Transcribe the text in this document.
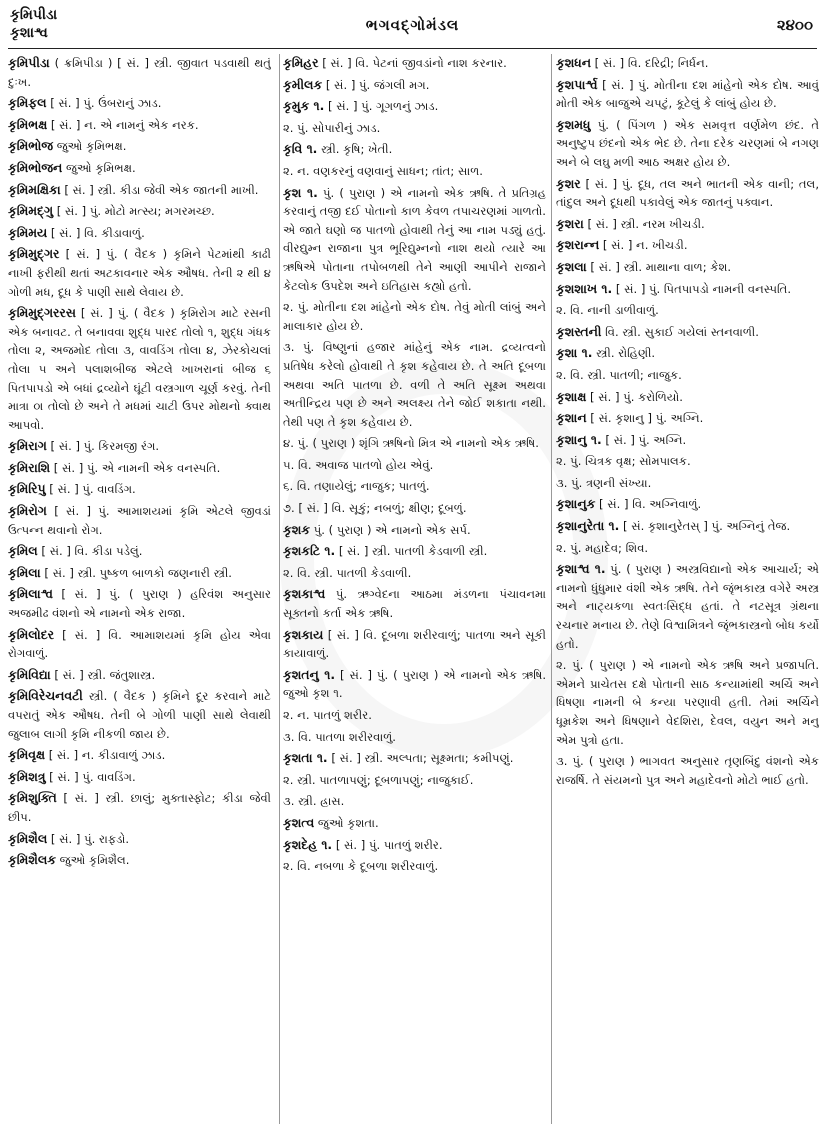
કૃમિપીડા
કૃશાશ્વ	ભગવદ્ગોમંડલ	૨૪૦૦
કૃમિપીડા ( ક્રમિપીડા ) [ સં. ] સ્ત્રી. જીવાત પડવાથી થતું દુઃખ.
કૃમિફલ [ સં. ] પું. ઉંબરાનું ઝાડ.
કૃમિભક્ષ [ સં. ] ન. એ નામનું એક નરક.
કૃમિભોજ જુઓ કૃમિભક્ષ.
કૃમિભોજન જુઓ કૃમિભક્ષ.
કૃમિમક્ષિકા [ સં. ] સ્ત્રી. કીડા જેવી એક જાતની માખી.
કૃમિમદ્ગુ [ સં. ] પું. મોટો મત્સ્ય; મગરમચ્છ.
કૃમિમય [ સં. ] વિ. કીડાવાળું.
કૃમિમુદ્ગર [ સં. ] પું. ( વૈદક ) કૃમિને પેટમાંથી કાઢી નાખી ફરીથી થતાં અટકાવનાર એક ઔષધ. તેની ૨ થી ૪ ગોળી મધ, દૂધ કે પાણી સાથે લેવાય છે.
કૃમિમુદ્ગરરસ [ સં. ] પું. ( વૈદક ) કૃમિરોગ માટે રસની એક બનાવટ. તે બનાવવા શુદ્ધ પારદ તોલો ૧, શુદ્ધ ગંધક તોલા ૨, અજમોદ તોલા ૩, વાવડિંગ તોલા ૪, ઝેરકોચલાં તોલા ૫ અને પલાશબીજ એટલે ખાખરાનાં બીજ ૬ પિતપાપડો એ બધાં દ્રવ્યોને ઘૂંટી વસ્ત્રગાળ ચૂર્ણ કરવું. તેની માત્રા ૦। તોલો છે અને તે મધમાં ચાટી ઉપર મોથનો ક્વાથ આપવો.
કૃમિરાગ [ સં. ] પું. કિરમજી રંગ.
કૃમિરાશિ [ સં. ] પું. એ નામની એક વનસ્પતિ.
કૃમિરિપુ [ સં. ] પું. વાવડિંગ.
કૃમિરોગ [ સં. ] પું. આમાશયમાં કૃમિ એટલે જીવડાં ઉત્પન્ન થવાનો રોગ.
કૃમિલ [ સં. ] વિ. કીડા પડેલું.
કૃમિલા [ સં. ] સ્ત્રી. પુષ્કળ બાળકો જણનારી સ્ત્રી.
કૃમિલાશ્વ [ સં. ] પું. ( પુરાણ ) હરિવંશ અનુસાર અજમીઢ વંશનો એ નામનો એક રાજા.
કૃમિલોદર [ સં. ] વિ. આમાશયમાં કૃમિ હોય એવા રોગવાળું.
કૃમિવિદ્યા [ સં. ] સ્ત્રી. જંતુશાસ્ત્ર.
કૃમિવિરેચનવટી સ્ત્રી. ( વૈદક ) કૃમિને દૂર કરવાને માટે વપરાતું એક ઔષધ. તેની બે ગોળી પાણી સાથે લેવાથી જુલાબ લાગી કૃમિ નીકળી જાય છે.
કૃમિવૃક્ષ [ સં. ] ન. કીડાવાળું ઝાડ.
કૃમિશત્રુ [ સં. ] પું. વાવડિંગ.
કૃમિશુક્તિ [ સં. ] સ્ત્રી. છાલું; મુક્તાસ્ફોટ; કીડા જેવી છીપ.
કૃમિશૈલ [ સં. ] પું. રાફડો.
કૃમિશૈલક જુઓ કૃમિશૈલ.
કૃમિહર [ સં. ] વિ. પેટનાં જીવડાંનો નાશ કરનાર.
કૃમીલક [ સં. ] પું. જંગલી મગ.
કૃમુક ૧. [ સં. ] પું. ગૂગળનું ઝાડ.
૨. પું. સોપારીનું ઝાડ.
કૃવિ ૧. સ્ત્રી. કૃષિ; ખેતી.
૨. ન. વણકરનું વણવાનું સાધન; તાંત; સાળ.
કૃશ ૧. પું. ( પુરાણ ) એ નામનો એક ઋષિ. તે પ્રતિગ્રહ કરવાનું તજી દઈ પોતાનો કાળ કેવળ તપાચરણમાં ગાળતો. એ જાતે ઘણો જ પાતળો હોવાથી તેનું આ નામ પડ્યું હતું. વીરદ્યુમ્ન રાજાના પુત્ર ભૂરિદ્યુમ્નનો નાશ થયો ત્યારે આ ઋષિએ પોતાના તપોબળથી તેને આણી આપીને રાજાને કેટલોક ઉપદેશ અને ઇતિહાસ કહ્યો હતો.
૨. પું. મોતીના દશ માંહેનો એક દોષ. તેવું મોતી લાંબું અને માલાકાર હોય છે.
૩. પું. વિષ્ણુનાં હજાર માંહેનું એક નામ. દ્રવ્યત્વનો પ્રતિષેધ કરેલો હોવાથી તે કૃશ કહેવાય છે. તે અતિ દૂબળા અથવા અતિ પાતળા છે. વળી તે અતિ સૂક્ષ્મ અથવા અતીન્દ્રિય પણ છે અને અલક્ષ્ય તેને જોઈ શકાતા નથી. તેથી પણ તે કૃશ કહેવાય છે.
૪. પું. ( પુરાણ ) શૃંગિ ઋષિનો મિત્ર એ નામનો એક ઋષિ.
૫. વિ. અવાજ પાતળો હોય એવું.
૬. વિ. તણાયેલું; નાજુક; પાતળું.
૭. [ સં. ] વિ. સૂકું; નબળું; ક્ષીણ; દૂબળું.
કૃશક પું. ( પુરાણ ) એ નામનો એક સર્પ.
કૃશકટિ ૧. [ સં. ] સ્ત્રી. પાતળી કેડવાળી સ્ત્રી.
૨. વિ. સ્ત્રી. પાતળી કેડવાળી.
કૃશકાશ્વ પું. ઋગ્વેદના આઠમા મંડળના પંચાવનમા સૂક્તનો કર્તા એક ઋષિ.
કૃશકાય [ સં. ] વિ. દૂબળા શરીરવાળું; પાતળા અને સૂકી કાયાવાળું.
કૃશતનુ ૧. [ સં. ] પું. ( પુરાણ ) એ નામનો એક ઋષિ. જુઓ કૃશ ૧.
૨. ન. પાતળું શરીર.
૩. વિ. પાતળા શરીરવાળું.
કૃશતા ૧. [ સં. ] સ્ત્રી. અલ્પતા; સૂક્ષ્મતા; કમીપણું.
૨. સ્ત્રી. પાતળાપણું; દૂબળાપણું; નાજુકાઈ.
૩. સ્ત્રી. હ્રાસ.
કૃશત્વ જુઓ કૃશતા.
કૃશદેહ ૧. [ સં. ] પું. પાતળું શરીર.
૨. વિ. નબળા કે દૂબળા શરીરવાળું.
કૃશધન [ સં. ] વિ. દરિદ્રી; નિર્ધન.
કૃશપાર્શ્વ [ સં. ] પું. મોતીના દશ માંહેનો એક દોષ. આવું મોતી એક બાજુએ ચપટું, કૂટેલું કે લાંબું હોય છે.
કૃશમધુ પું. ( પિંગળ ) એક સમવૃત્ત વર્ણમેળ છંદ. તે અનુષ્ટુપ છંદનો એક ભેદ છે. તેના દરેક ચરણમાં બે નગણ અને બે લઘુ મળી આઠ અક્ષર હોય છે.
કૃશર [ સં. ] પું. દૂધ, તલ અને ભાતની એક વાની; તલ, તાંદુલ અને દૂધથી પકાવેલું એક જાતનું પક્વાન.
કૃશરા [ સં. ] સ્ત્રી. નરમ ખીચડી.
કૃશરાન્ન [ સં. ] ન. ખીચડી.
કૃશલા [ સં. ] સ્ત્રી. માથાના વાળ; કેશ.
કૃશશાખ ૧. [ સં. ] પું. પિતપાપડો નામની વનસ્પતિ.
૨. વિ. નાની ડાળીવાળું.
કૃશસ્તની વિ. સ્ત્રી. સુકાઈ ગયેલાં સ્તનવાળી.
કૃશા ૧. સ્ત્રી. રોહિણી.
૨. વિ. સ્ત્રી. પાતળી; નાજુક.
કૃશાક્ષ [ સં. ] પું. કરોળિયો.
કૃશાન [ સં. કૃશાનુ ] પું. અગ્નિ.
કૃશાનુ ૧. [ સં. ] પું. અગ્નિ.
૨. પું. ચિત્રક વૃક્ષ; સોમપાલક.
૩. પું. ત્રણની સંખ્યા.
કૃશાનુક [ સં. ] વિ. અગ્નિવાળું.
કૃશાનુરેતા ૧. [ સં. કૃશાનુરેતસ્ ] પું. અગ્નિનું તેજ.
૨. પું. મહાદેવ; શિવ.
કૃશાશ્વ ૧. પું. ( પુરાણ ) અસ્ત્રવિદ્યાનો એક આચાર્ય; એ નામનો ધુંધુમાર વંશી એક ઋષિ. તેને જૃંભકાસ્ત્ર વગેરે અસ્ત્ર અને નાટ્યકળા સ્વતઃસિદ્ધ હતાં. તે નટસૂત્ર ગ્રંથના રચનાર મનાય છે. તેણે વિશ્વામિત્રને જૃંભકાસ્ત્રનો બોધ કર્યો હતો.
૨. પું. ( પુરાણ ) એ નામનો એક ઋષિ અને પ્રજાપતિ. એમને પ્રાચેતસ દક્ષે પોતાની સાઠ કન્યામાંથી અર્ચિ અને ધિષણા નામની બે કન્યા પરણાવી હતી. તેમાં અર્ચિને ધૂમ્રકેશ અને ધિષણાને વેદશિરા, દેવલ, વયુન અને મનુ એમ પુત્રો હતા.
૩. પું. ( પુરાણ ) ભાગવત અનુસાર તૃણબિંદુ વંશનો એક રાજર્ષિ. તે સંયમનો પુત્ર અને મહાદેવનો મોટો ભાઈ હતો.
